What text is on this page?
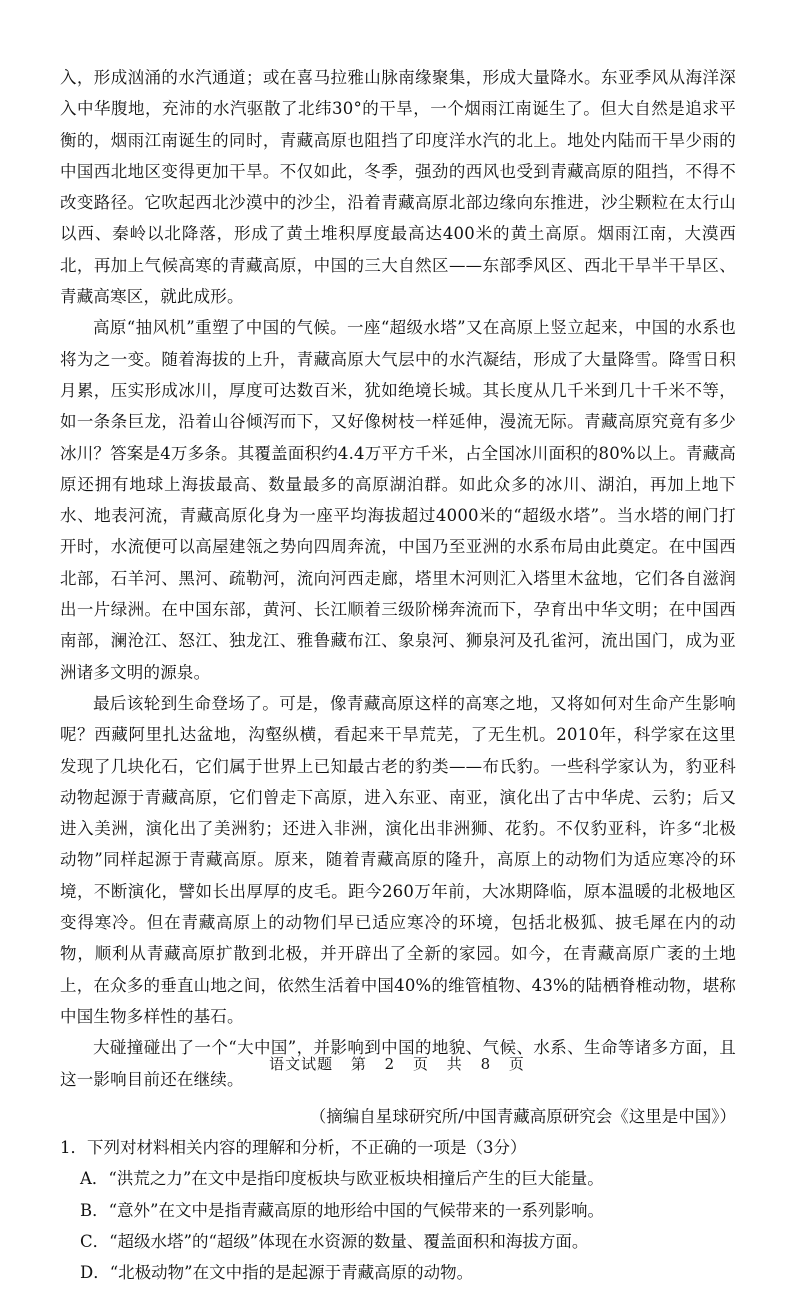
入，形成汹涌的水汽通道；或在喜马拉雅山脉南缘聚集，形成大量降水。东亚季风从海洋深入中华腹地，充沛的水汽驱散了北纬30°的干旱，一个烟雨江南诞生了。但大自然是追求平衡的，烟雨江南诞生的同时，青藏高原也阻挡了印度洋水汽的北上。地处内陆而干旱少雨的中国西北地区变得更加干旱。不仅如此，冬季，强劲的西风也受到青藏高原的阻挡，不得不改变路径。它吹起西北沙漠中的沙尘，沿着青藏高原北部边缘向东推进，沙尘颗粒在太行山以西、秦岭以北降落，形成了黄土堆积厚度最高达400米的黄土高原。烟雨江南，大漠西北，再加上气候高寒的青藏高原，中国的三大自然区——东部季风区、西北干旱半干旱区、青藏高寒区，就此成形。

高原“抽风机”重塑了中国的气候。一座“超级水塔”又在高原上竖立起来，中国的水系也将为之一变。随着海拔的上升，青藏高原大气层中的水汽凝结，形成了大量降雪。降雪日积月累，压实形成冰川，厚度可达数百米，犹如绝境长城。其长度从几千米到几十千米不等，如一条条巨龙，沿着山谷倾泻而下，又好像树枝一样延伸，漫流无际。青藏高原究竟有多少冰川？答案是4万多条。其覆盖面积约4.4万平方千米，占全国冰川面积的80%以上。青藏高原还拥有地球上海拔最高、数量最多的高原湖泊群。如此众多的冰川、湖泊，再加上地下水、地表河流，青藏高原化身为一座平均海拔超过4000米的“超级水塔”。当水塔的闸门打开时，水流便可以高屋建瓴之势向四周奔流，中国乃至亚洲的水系布局由此奠定。在中国西北部，石羊河、黑河、疏勒河，流向河西走廊，塔里木河则汇入塔里木盆地，它们各自滋润出一片绿洲。在中国东部，黄河、长江顺着三级阶梯奔流而下，孕育出中华文明；在中国西南部，澜沧江、怒江、独龙江、雅鲁藏布江、象泉河、狮泉河及孔雀河，流出国门，成为亚洲诸多文明的源泉。

最后该轮到生命登场了。可是，像青藏高原这样的高寒之地，又将如何对生命产生影响呢？西藏阿里扎达盆地，沟壑纵横，看起来干旱荒芜，了无生机。2010年，科学家在这里发现了几块化石，它们属于世界上已知最古老的豹类——布氏豹。一些科学家认为，豹亚科动物起源于青藏高原，它们曾走下高原，进入东亚、南亚，演化出了古中华虎、云豹；后又进入美洲，演化出了美洲豹；还进入非洲，演化出非洲狮、花豹。不仅豹亚科，许多“北极动物”同样起源于青藏高原。原来，随着青藏高原的隆升，高原上的动物们为适应寒冷的环境，不断演化，譬如长出厚厚的皮毛。距今260万年前，大冰期降临，原本温暖的北极地区变得寒冷。但在青藏高原上的动物们早已适应寒冷的环境，包括北极狐、披毛犀在内的动物，顺利从青藏高原扩散到北极，并开辟出了全新的家园。如今，在青藏高原广袤的土地上，在众多的垂直山地之间，依然生活着中国40%的维管植物、43%的陆栖脊椎动物，堪称中国生物多样性的基石。

大碰撞碰出了一个“大中国”，并影响到中国的地貌、气候、水系、生命等诸多方面，且这一影响目前还在继续。

（摘编自星球研究所/中国青藏高原研究会《这里是中国》）

1．下列对材料相关内容的理解和分析，不正确的一项是（3分）

A．“洪荒之力”在文中是指印度板块与欧亚板块相撞后产生的巨大能量。

B．“意外”在文中是指青藏高原的地形给中国的气候带来的一系列影响。

C．“超级水塔”的“超级”体现在水资源的数量、覆盖面积和海拔方面。

D．“北极动物”在文中指的是起源于青藏高原的动物。

语文试题 第 2 页 共 8 页
